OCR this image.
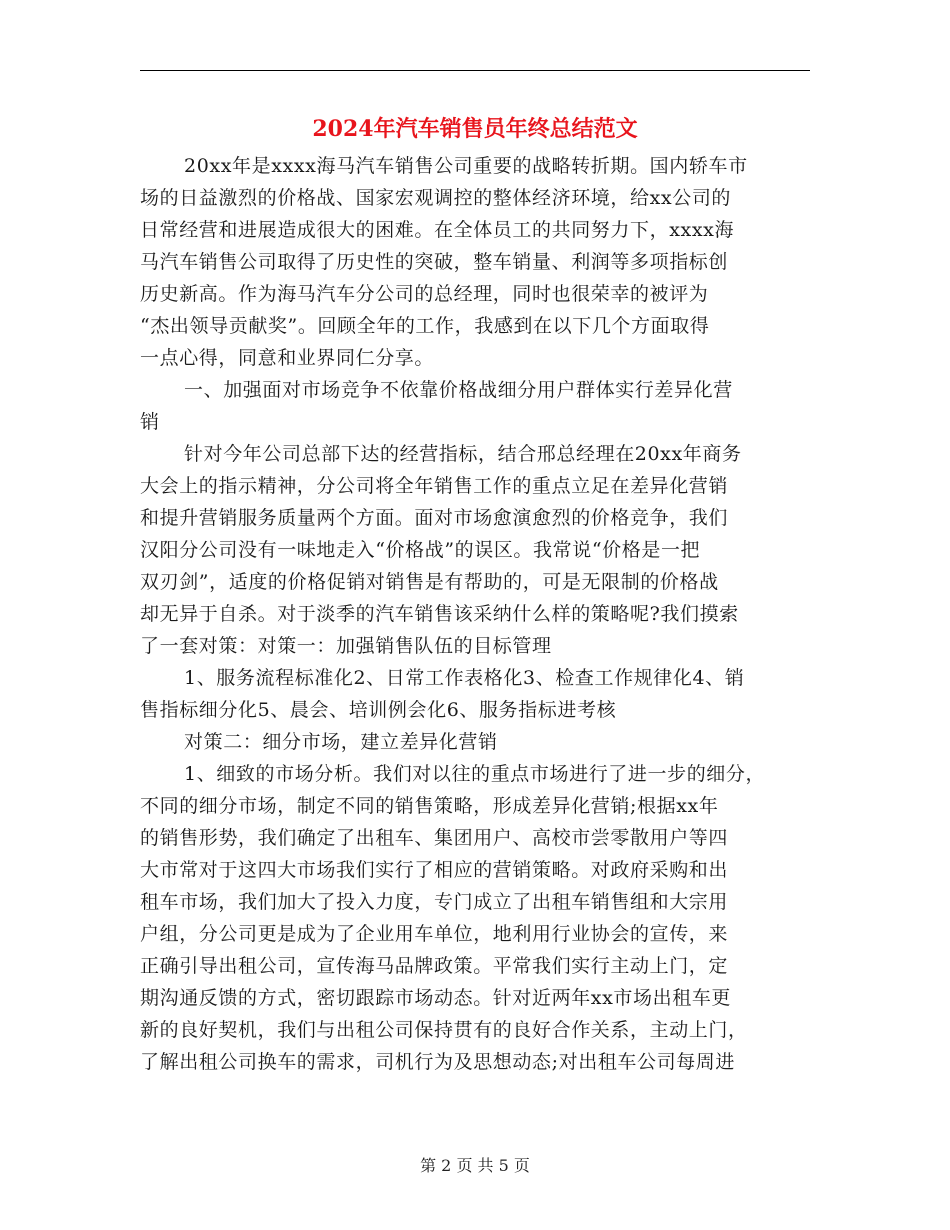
2024年汽车销售员年终总结范文
20xx年是xxxx海马汽车销售公司重要的战略转折期。国内轿车市
场的日益激烈的价格战、国家宏观调控的整体经济环境，给xx公司的
日常经营和进展造成很大的困难。在全体员工的共同努力下，xxxx海
马汽车销售公司取得了历史性的突破，整车销量、利润等多项指标创
历史新高。作为海马汽车分公司的总经理，同时也很荣幸的被评为
“杰出领导贡献奖”。回顾全年的工作，我感到在以下几个方面取得
一点心得，同意和业界同仁分享。
一、加强面对市场竞争不依靠价格战细分用户群体实行差异化营
销
针对今年公司总部下达的经营指标，结合邢总经理在20xx年商务
大会上的指示精神，分公司将全年销售工作的重点立足在差异化营销
和提升营销服务质量两个方面。面对市场愈演愈烈的价格竞争，我们
汉阳分公司没有一味地走入“价格战”的误区。我常说“价格是一把
双刃剑”，适度的价格促销对销售是有帮助的，可是无限制的价格战
却无异于自杀。对于淡季的汽车销售该采纳什么样的策略呢?我们摸索
了一套对策：对策一：加强销售队伍的目标管理
1、服务流程标准化2、日常工作表格化3、检查工作规律化4、销
售指标细分化5、晨会、培训例会化6、服务指标进考核
对策二：细分市场，建立差异化营销
1、细致的市场分析。我们对以往的重点市场进行了进一步的细分，
不同的细分市场，制定不同的销售策略，形成差异化营销;根据xx年
的销售形势，我们确定了出租车、集团用户、高校市尝零散用户等四
大市常对于这四大市场我们实行了相应的营销策略。对政府采购和出
租车市场，我们加大了投入力度，专门成立了出租车销售组和大宗用
户组，分公司更是成为了企业用车单位，地利用行业协会的宣传，来
正确引导出租公司，宣传海马品牌政策。平常我们实行主动上门，定
期沟通反馈的方式，密切跟踪市场动态。针对近两年xx市场出租车更
新的良好契机，我们与出租公司保持贯有的良好合作关系，主动上门，
了解出租公司换车的需求，司机行为及思想动态;对出租车公司每周进
第 2 页 共 5 页
